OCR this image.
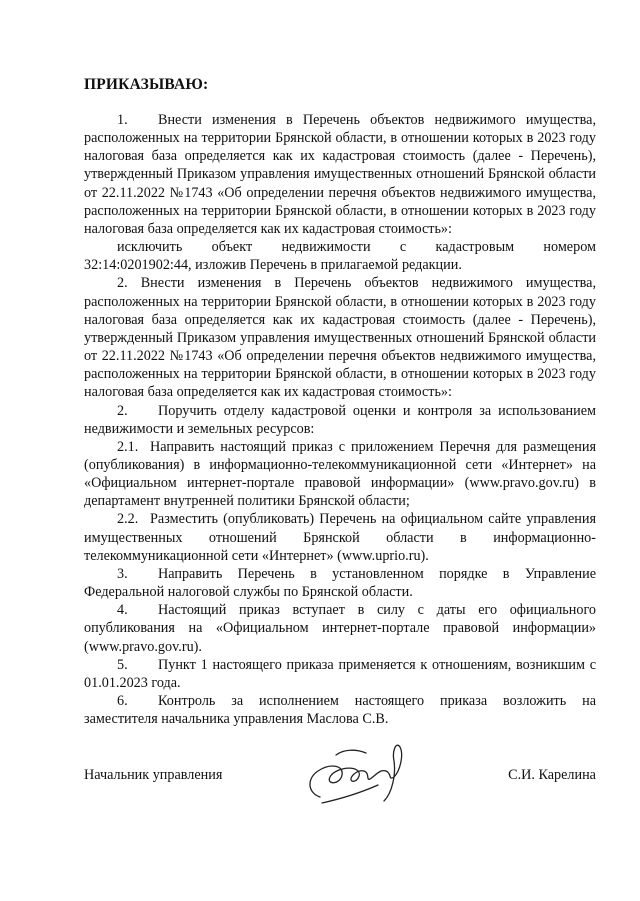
ПРИКАЗЫВАЮ:

1. Внести изменения в Перечень объектов недвижимого имущества, расположенных на территории Брянской области, в отношении которых в 2023 году налоговая база определяется как их кадастровая стоимость (далее - Перечень), утвержденный Приказом управления имущественных отношений Брянской области от 22.11.2022 №1743 «Об определении перечня объектов недвижимого имущества, расположенных на территории Брянской области, в отношении которых в 2023 году налоговая база определяется как их кадастровая стоимость»:

исключить объект недвижимости с кадастровым номером

32:14:0201902:44, изложив Перечень в прилагаемой редакции.

2. Внести изменения в Перечень объектов недвижимого имущества, расположенных на территории Брянской области, в отношении которых в 2023 году налоговая база определяется как их кадастровая стоимость (далее - Перечень), утвержденный Приказом управления имущественных отношений Брянской области от 22.11.2022 №1743 «Об определении перечня объектов недвижимого имущества, расположенных на территории Брянской области, в отношении которых в 2023 году налоговая база определяется как их кадастровая стоимость»:

2. Поручить отделу кадастровой оценки и контроля за использованием недвижимости и земельных ресурсов:

2.1. Направить настоящий приказ с приложением Перечня для размещения (опубликования) в информационно-телекоммуникационной сети «Интернет» на «Официальном интернет-портале правовой информации» (www.pravo.gov.ru) в департамент внутренней политики Брянской области;

2.2. Разместить (опубликовать) Перечень на официальном сайте управления имущественных отношений Брянской области в информационно-телекоммуникационной сети «Интернет» (www.uprio.ru).

3. Направить Перечень в установленном порядке в Управление Федеральной налоговой службы по Брянской области.

4. Настоящий приказ вступает в силу с даты его официального опубликования на «Официальном интернет-портале правовой информации» (www.pravo.gov.ru).

5. Пункт 1 настоящего приказа применяется к отношениям, возникшим с 01.01.2023 года.

6. Контроль за исполнением настоящего приказа возложить на заместителя начальника управления Маслова С.В.

Начальник управления	С.И. Карелина
